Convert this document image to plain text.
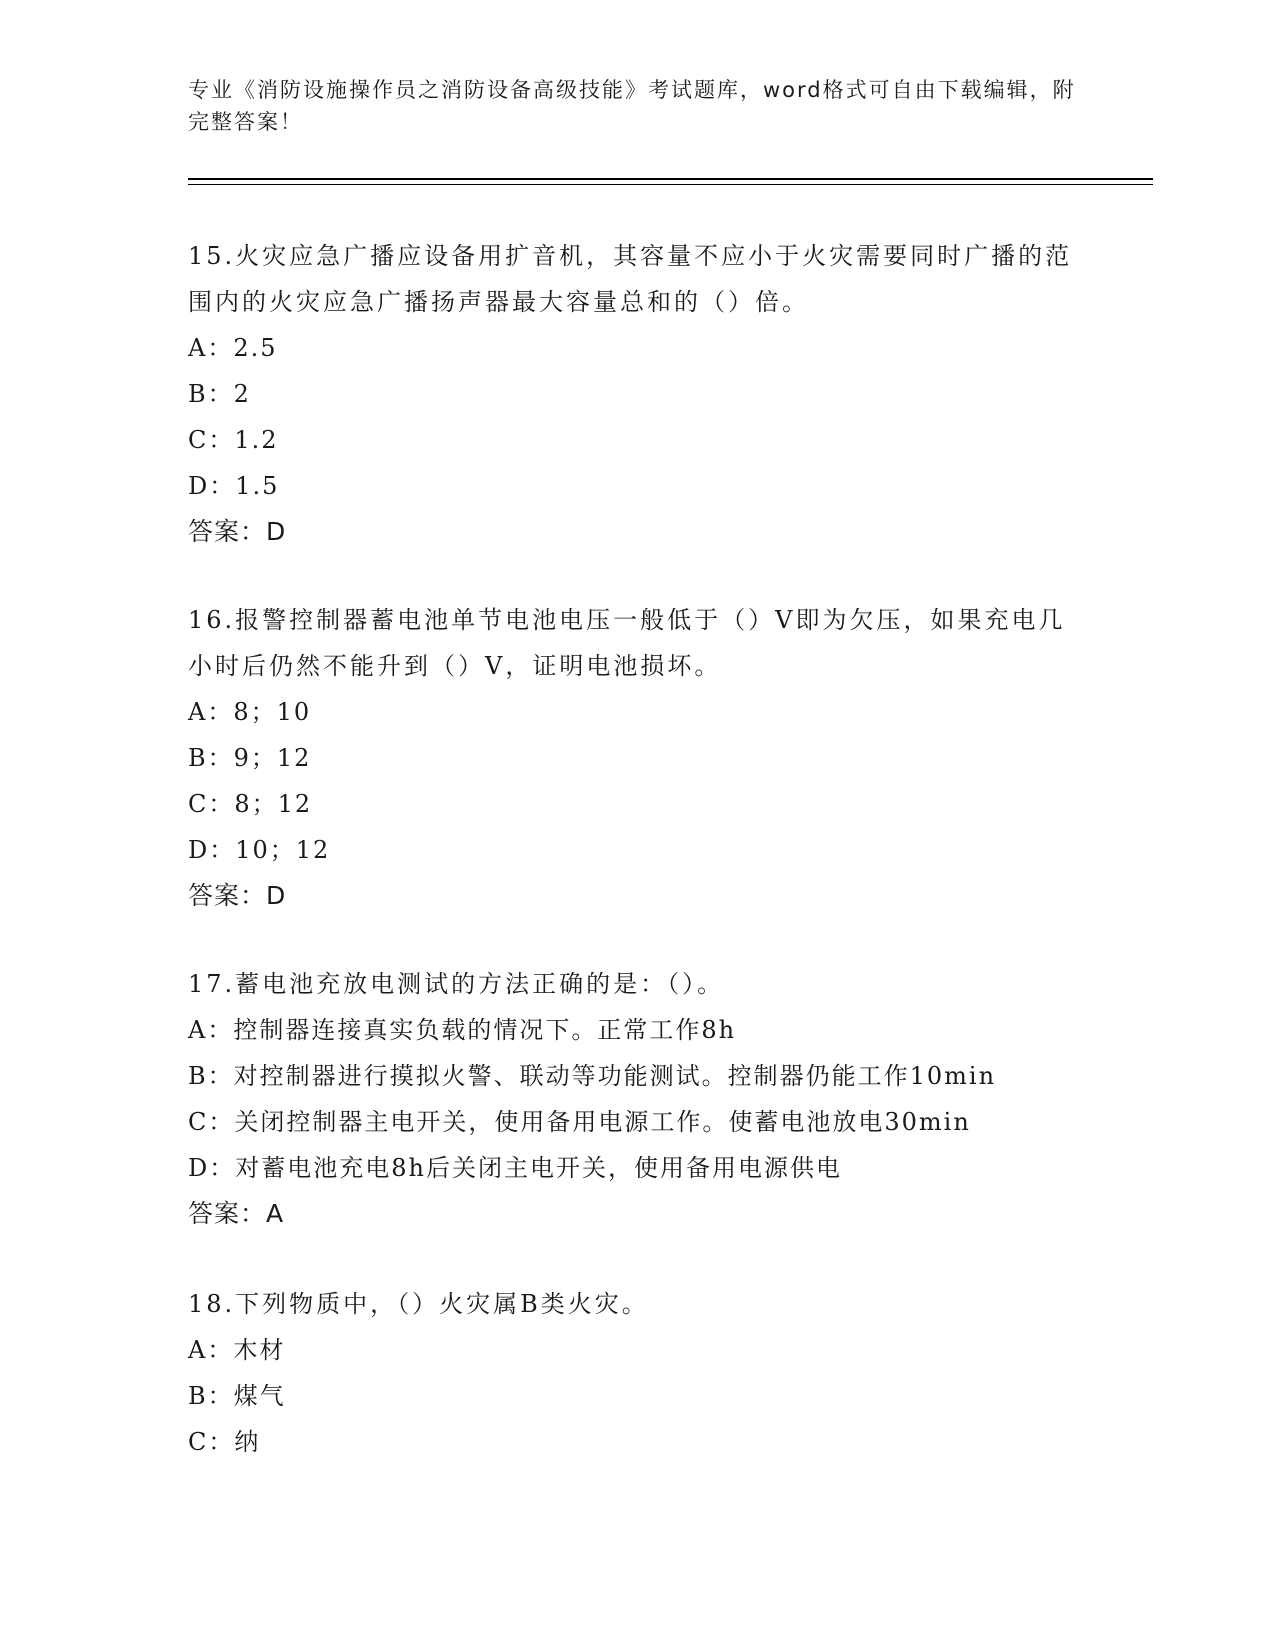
专业《消防设施操作员之消防设备高级技能》考试题库，word格式可自由下载编辑，附完整答案！
15.火灾应急广播应设备用扩音机，其容量不应小于火灾需要同时广播的范围内的火灾应急广播扬声器最大容量总和的（）倍。
A：2.5
B：2
C：1.2
D：1.5
答案：D
16.报警控制器蓄电池单节电池电压一般低于（）V即为欠压，如果充电几小时后仍然不能升到（）V，证明电池损坏。
A：8；10
B：9；12
C：8；12
D：10；12
答案：D
17.蓄电池充放电测试的方法正确的是：（）。
A：控制器连接真实负载的情况下。正常工作8h
B：对控制器进行摸拟火警、联动等功能测试。控制器仍能工作10min
C：关闭控制器主电开关，使用备用电源工作。使蓄电池放电30min
D：对蓄电池充电8h后关闭主电开关，使用备用电源供电
答案：A
18.下列物质中，（）火灾属B类火灾。
A：木材
B：煤气
C：纳
